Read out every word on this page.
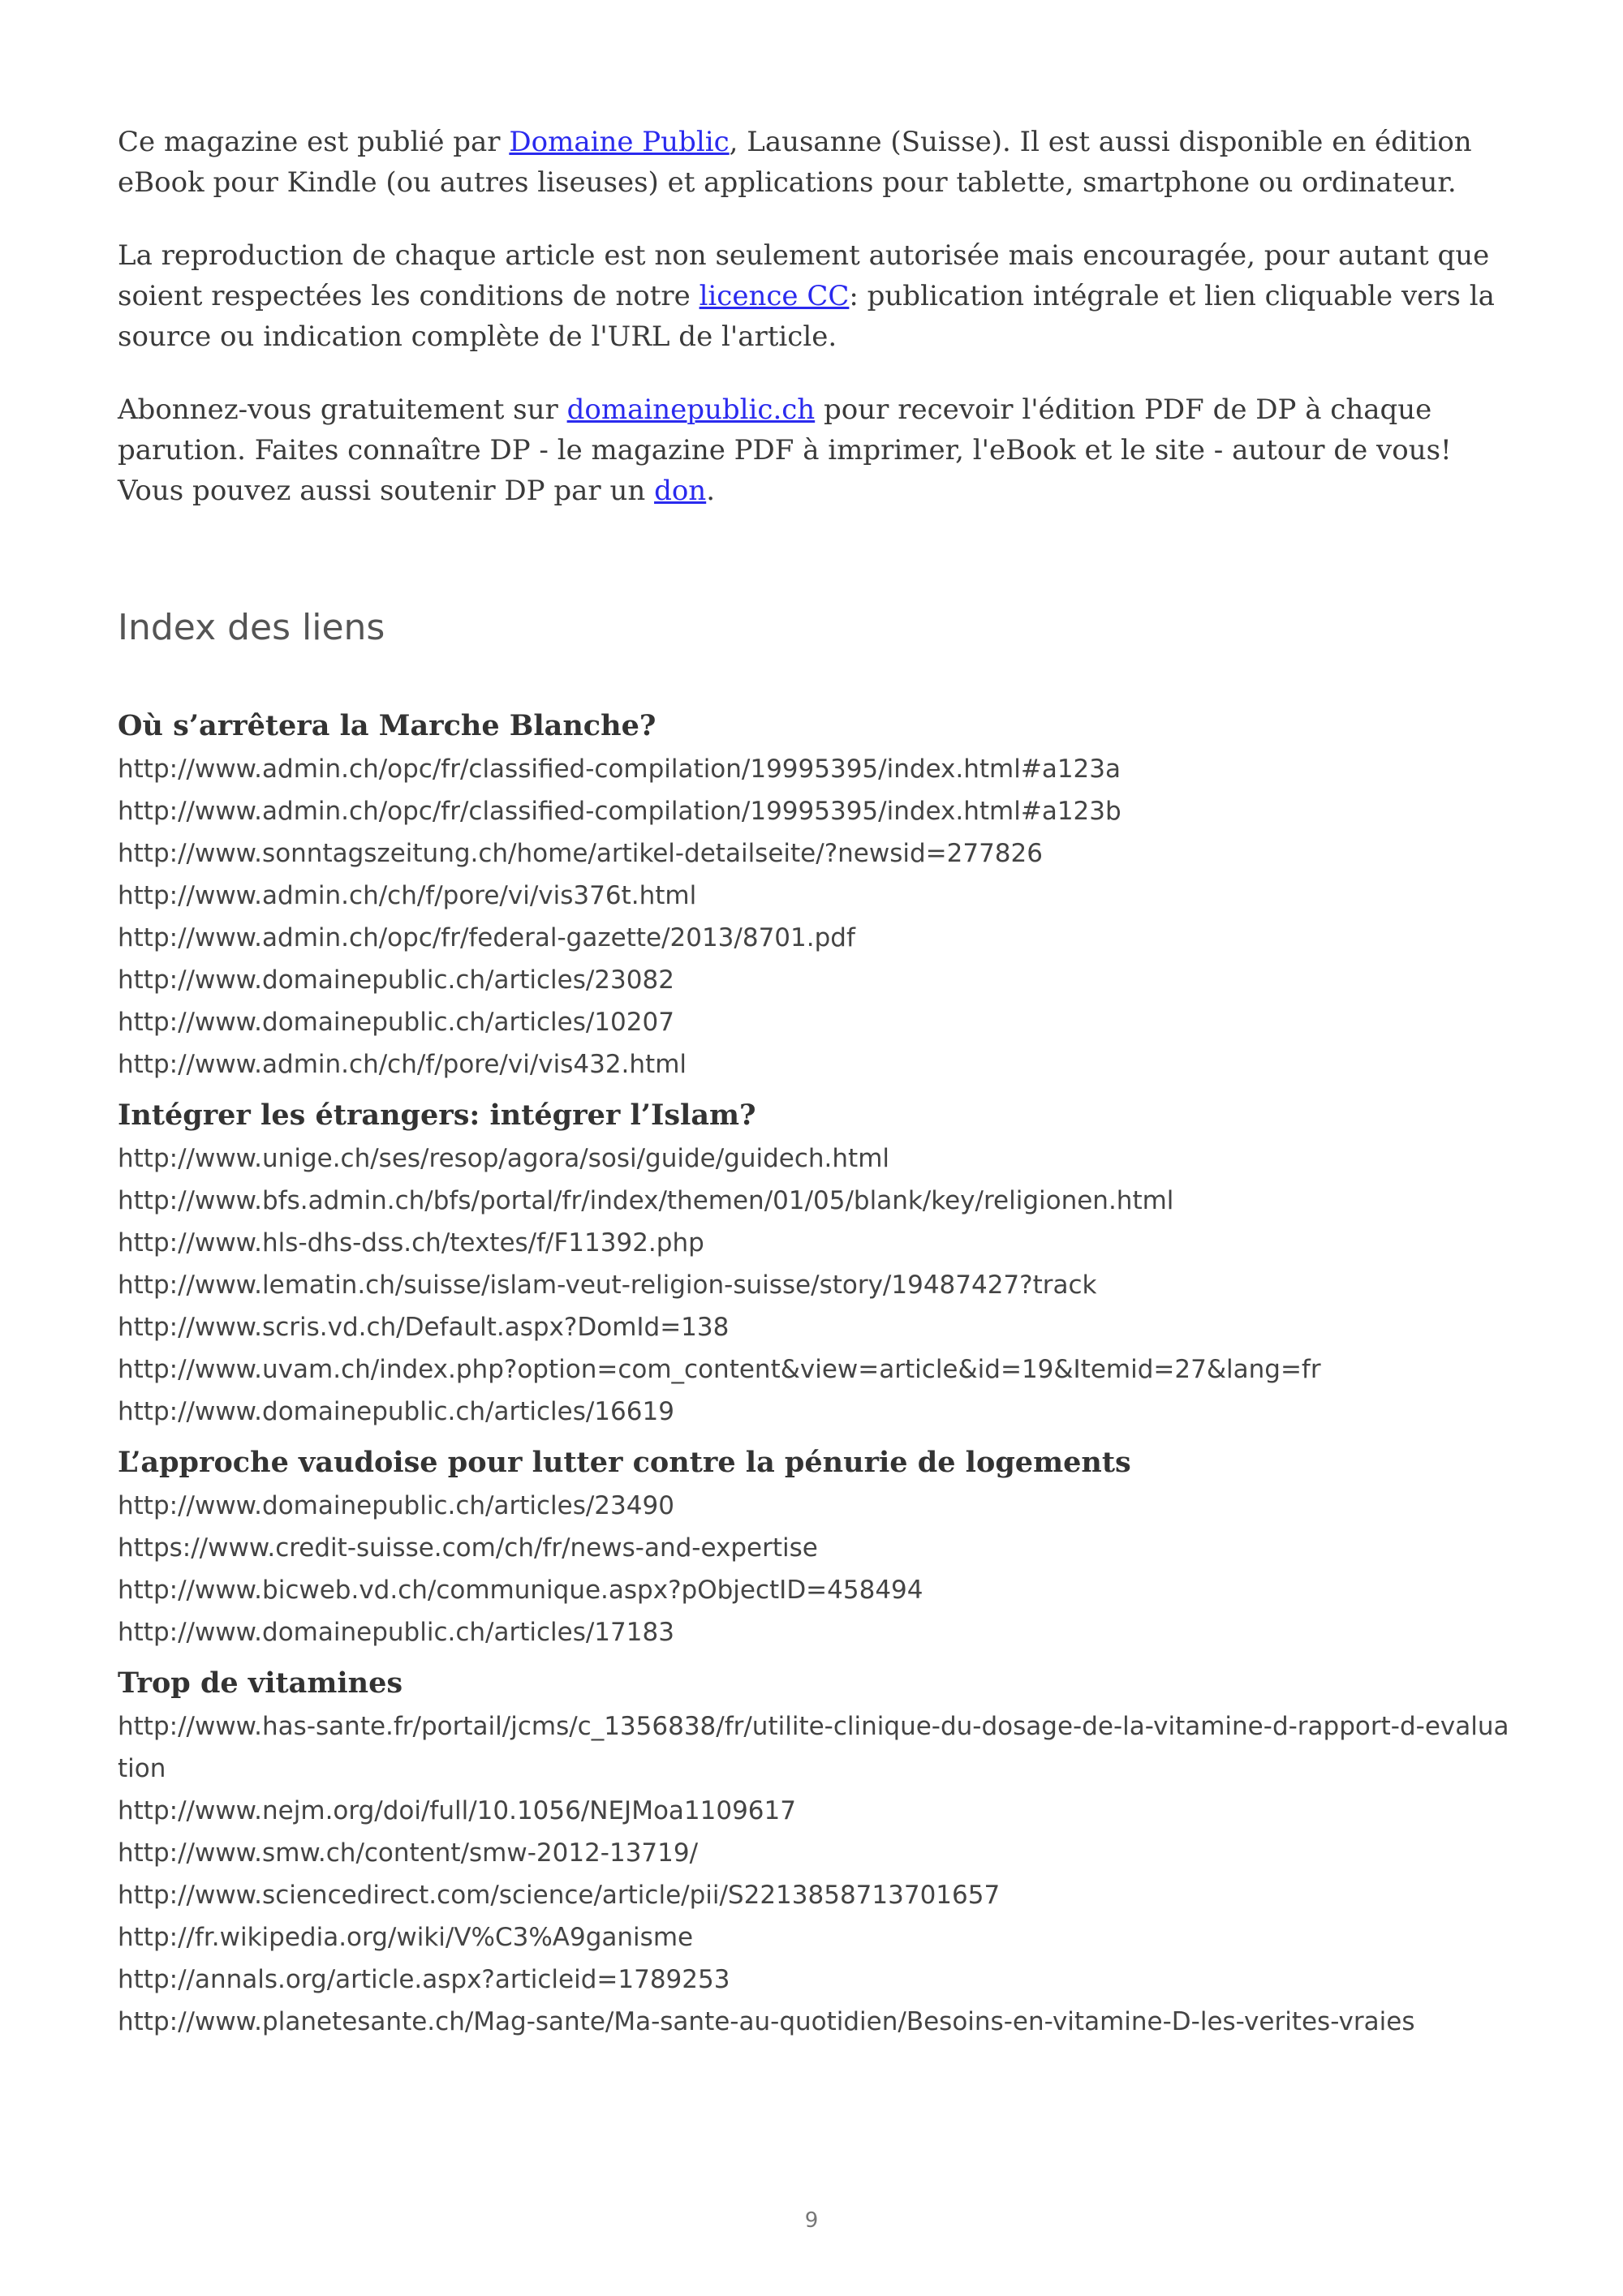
Ce magazine est publié par Domaine Public, Lausanne (Suisse). Il est aussi disponible en édition eBook pour Kindle (ou autres liseuses) et applications pour tablette, smartphone ou ordinateur.

La reproduction de chaque article est non seulement autorisée mais encouragée, pour autant que soient respectées les conditions de notre licence CC: publication intégrale et lien cliquable vers la source ou indication complète de l'URL de l'article.

Abonnez-vous gratuitement sur domainepublic.ch pour recevoir l'édition PDF de DP à chaque parution. Faites connaître DP - le magazine PDF à imprimer, l'eBook et le site - autour de vous! Vous pouvez aussi soutenir DP par un don.

Index des liens
Où s’arrêtera la Marche Blanche?
http://www.admin.ch/opc/fr/classified-compilation/19995395/index.html#a123a
http://www.admin.ch/opc/fr/classified-compilation/19995395/index.html#a123b
http://www.sonntagszeitung.ch/home/artikel-detailseite/?newsid=277826
http://www.admin.ch/ch/f/pore/vi/vis376t.html
http://www.admin.ch/opc/fr/federal-gazette/2013/8701.pdf
http://www.domainepublic.ch/articles/23082
http://www.domainepublic.ch/articles/10207
http://www.admin.ch/ch/f/pore/vi/vis432.html
Intégrer les étrangers: intégrer l’Islam?
http://www.unige.ch/ses/resop/agora/sosi/guide/guidech.html
http://www.bfs.admin.ch/bfs/portal/fr/index/themen/01/05/blank/key/religionen.html
http://www.hls-dhs-dss.ch/textes/f/F11392.php
http://www.lematin.ch/suisse/islam-veut-religion-suisse/story/19487427?track
http://www.scris.vd.ch/Default.aspx?DomId=138
http://www.uvam.ch/index.php?option=com_content&view=article&id=19&Itemid=27&lang=fr
http://www.domainepublic.ch/articles/16619
L’approche vaudoise pour lutter contre la pénurie de logements
http://www.domainepublic.ch/articles/23490
https://www.credit-suisse.com/ch/fr/news-and-expertise
http://www.bicweb.vd.ch/communique.aspx?pObjectID=458494
http://www.domainepublic.ch/articles/17183
Trop de vitamines
http://www.has-sante.fr/portail/jcms/c_1356838/fr/utilite-clinique-du-dosage-de-la-vitamine-d-rapport-d-evaluation
http://www.nejm.org/doi/full/10.1056/NEJMoa1109617
http://www.smw.ch/content/smw-2012-13719/
http://www.sciencedirect.com/science/article/pii/S2213858713701657
http://fr.wikipedia.org/wiki/V%C3%A9ganisme
http://annals.org/article.aspx?articleid=1789253
http://www.planetesante.ch/Mag-sante/Ma-sante-au-quotidien/Besoins-en-vitamine-D-les-verites-vraies
9
